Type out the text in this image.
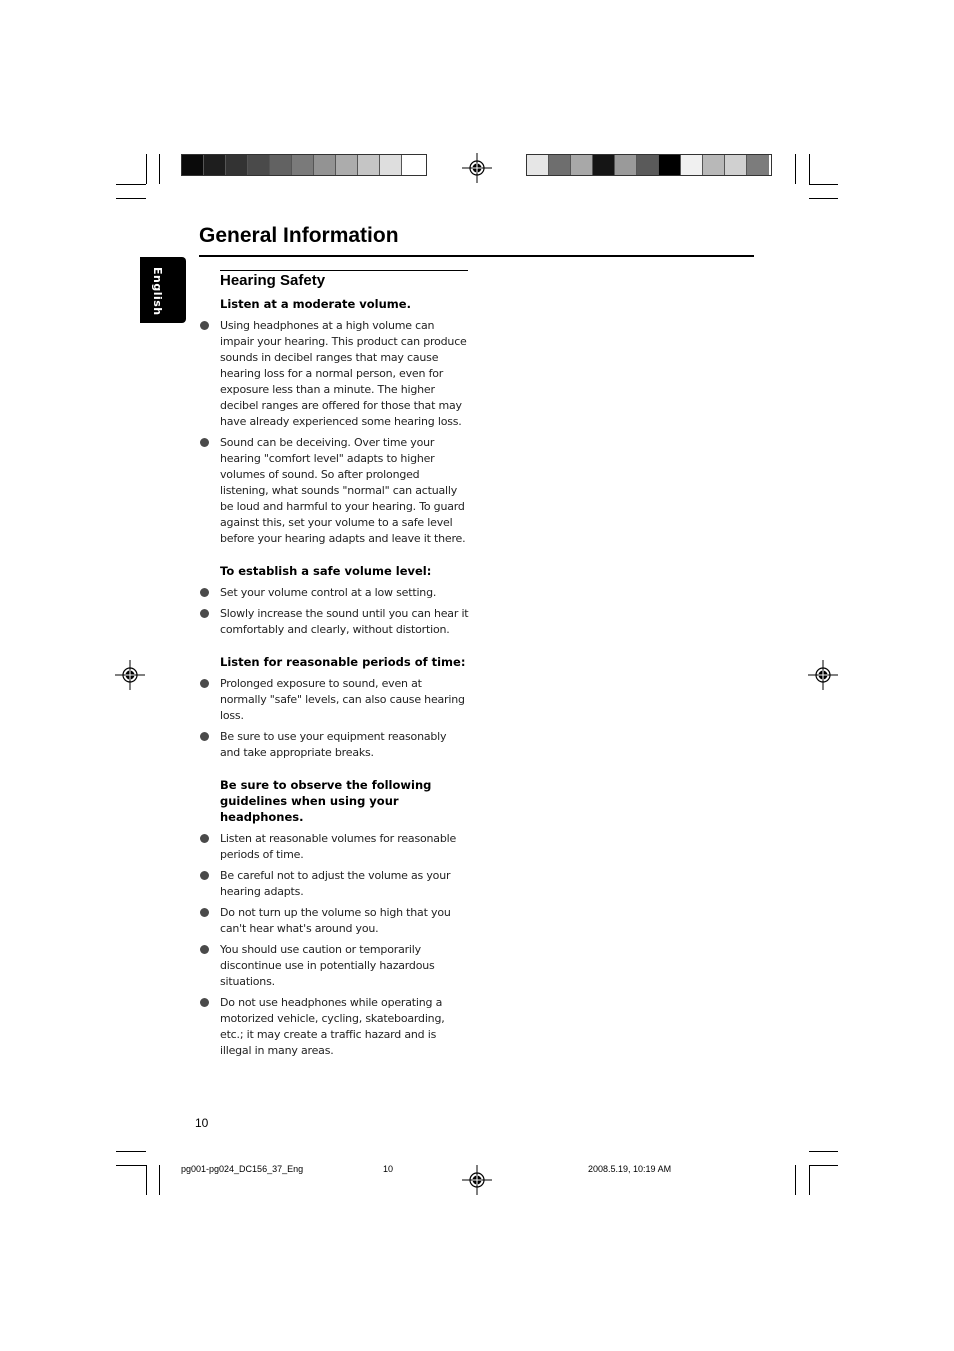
General Information
English	Hearing Safety
Listen at a moderate volume.
Using headphones at a high volume can impair your hearing. This product can produce sounds in decibel ranges that may cause hearing loss for a normal person, even for exposure less than a minute. The higher decibel ranges are offered for those that may have already experienced some hearing loss.
Sound can be deceiving. Over time your hearing "comfort level" adapts to higher volumes of sound. So after prolonged listening, what sounds "normal" can actually be loud and harmful to your hearing. To guard against this, set your volume to a safe level before your hearing adapts and leave it there.
To establish a safe volume level:
Set your volume control at a low setting.
Slowly increase the sound until you can hear it comfortably and clearly, without distortion.
Listen for reasonable periods of time:
Prolonged exposure to sound, even at normally "safe" levels, can also cause hearing loss.
Be sure to use your equipment reasonably and take appropriate breaks.
Be sure to observe the following guidelines when using your headphones.
Listen at reasonable volumes for reasonable periods of time.
Be careful not to adjust the volume as your hearing adapts.
Do not turn up the volume so high that you can't hear what's around you.
You should use caution or temporarily discontinue use in potentially hazardous situations.
Do not use headphones while operating a motorized vehicle, cycling, skateboarding, etc.; it may create a traffic hazard and is illegal in many areas.
10
pg001-pg024_DC156_37_Eng	10	2008.5.19, 10:19 AM
